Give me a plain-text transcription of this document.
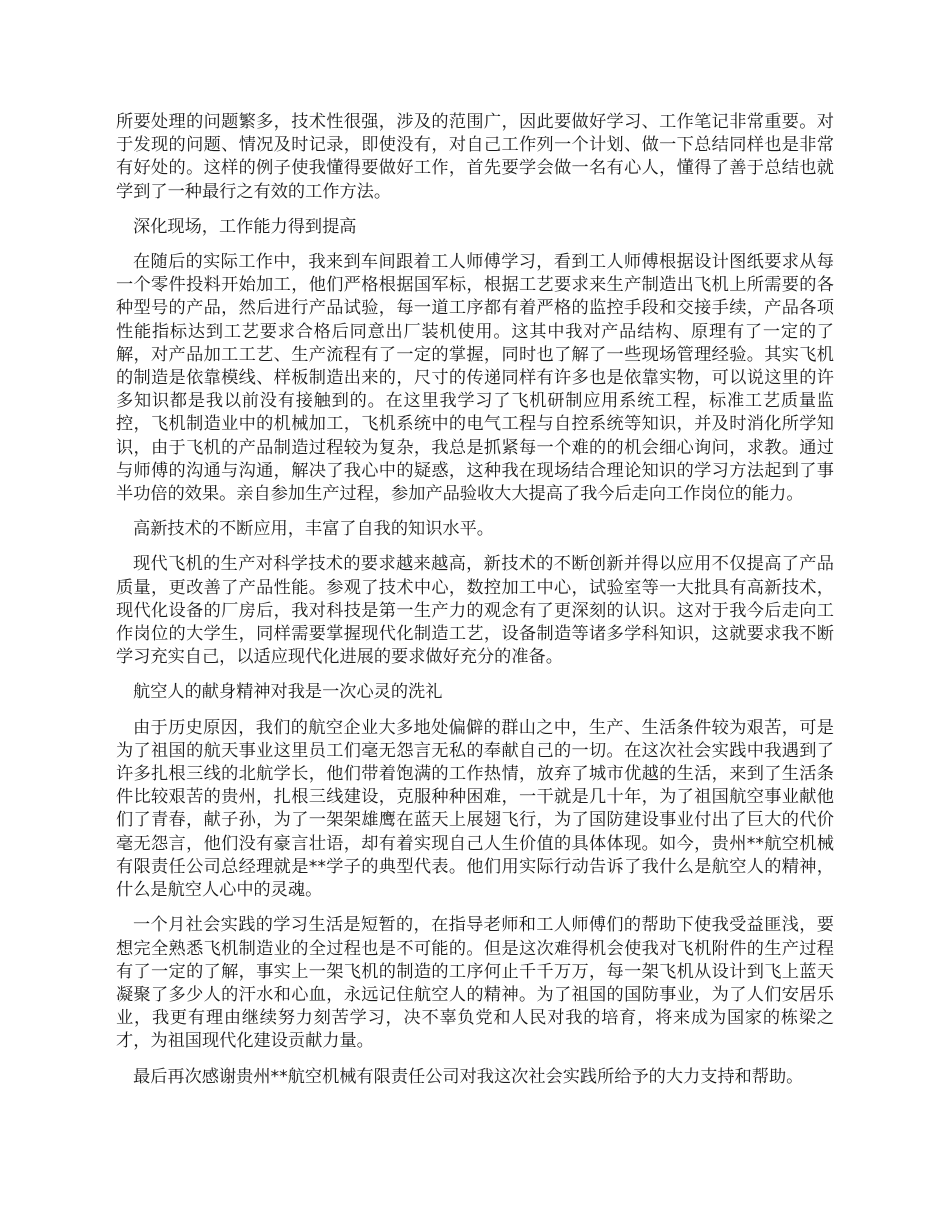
所要处理的问题繁多，技术性很强，涉及的范围广，因此要做好学习、工作笔记非常重要。对于发现的问题、情况及时记录，即使没有，对自己工作列一个计划、做一下总结同样也是非常有好处的。这样的例子使我懂得要做好工作，首先要学会做一名有心人，懂得了善于总结也就学到了一种最行之有效的工作方法。

深化现场，工作能力得到提高

在随后的实际工作中，我来到车间跟着工人师傅学习，看到工人师傅根据设计图纸要求从每一个零件投料开始加工，他们严格根据国军标，根据工艺要求来生产制造出飞机上所需要的各种型号的产品，然后进行产品试验，每一道工序都有着严格的监控手段和交接手续，产品各项性能指标达到工艺要求合格后同意出厂装机使用。这其中我对产品结构、原理有了一定的了解，对产品加工工艺、生产流程有了一定的掌握，同时也了解了一些现场管理经验。其实飞机的制造是依靠模线、样板制造出来的，尺寸的传递同样有许多也是依靠实物，可以说这里的许多知识都是我以前没有接触到的。在这里我学习了飞机研制应用系统工程，标准工艺质量监控，飞机制造业中的机械加工，飞机系统中的电气工程与自控系统等知识，并及时消化所学知识，由于飞机的产品制造过程较为复杂，我总是抓紧每一个难的的机会细心询问，求教。通过与师傅的沟通与沟通，解决了我心中的疑惑，这种我在现场结合理论知识的学习方法起到了事半功倍的效果。亲自参加生产过程，参加产品验收大大提高了我今后走向工作岗位的能力。

高新技术的不断应用，丰富了自我的知识水平。

现代飞机的生产对科学技术的要求越来越高，新技术的不断创新并得以应用不仅提高了产品质量，更改善了产品性能。参观了技术中心，数控加工中心，试验室等一大批具有高新技术，现代化设备的厂房后，我对科技是第一生产力的观念有了更深刻的认识。这对于我今后走向工作岗位的大学生，同样需要掌握现代化制造工艺，设备制造等诸多学科知识，这就要求我不断学习充实自己，以适应现代化进展的要求做好充分的准备。

航空人的献身精神对我是一次心灵的洗礼

由于历史原因，我们的航空企业大多地处偏僻的群山之中，生产、生活条件较为艰苦，可是为了祖国的航天事业这里员工们毫无怨言无私的奉献自己的一切。在这次社会实践中我遇到了许多扎根三线的北航学长，他们带着饱满的工作热情，放弃了城市优越的生活，来到了生活条件比较艰苦的贵州，扎根三线建设，克服种种困难，一干就是几十年，为了祖国航空事业献他们了青春，献子孙，为了一架架雄鹰在蓝天上展翅飞行，为了国防建设事业付出了巨大的代价毫无怨言，他们没有豪言壮语，却有着实现自己人生价值的具体体现。如今，贵州**航空机械有限责任公司总经理就是**学子的典型代表。他们用实际行动告诉了我什么是航空人的精神，什么是航空人心中的灵魂。

一个月社会实践的学习生活是短暂的，在指导老师和工人师傅们的帮助下使我受益匪浅，要想完全熟悉飞机制造业的全过程也是不可能的。但是这次难得机会使我对飞机附件的生产过程有了一定的了解，事实上一架飞机的制造的工序何止千千万万，每一架飞机从设计到飞上蓝天凝聚了多少人的汗水和心血，永远记住航空人的精神。为了祖国的国防事业，为了人们安居乐业，我更有理由继续努力刻苦学习，决不辜负党和人民对我的培育，将来成为国家的栋梁之才，为祖国现代化建设贡献力量。

最后再次感谢贵州**航空机械有限责任公司对我这次社会实践所给予的大力支持和帮助。
